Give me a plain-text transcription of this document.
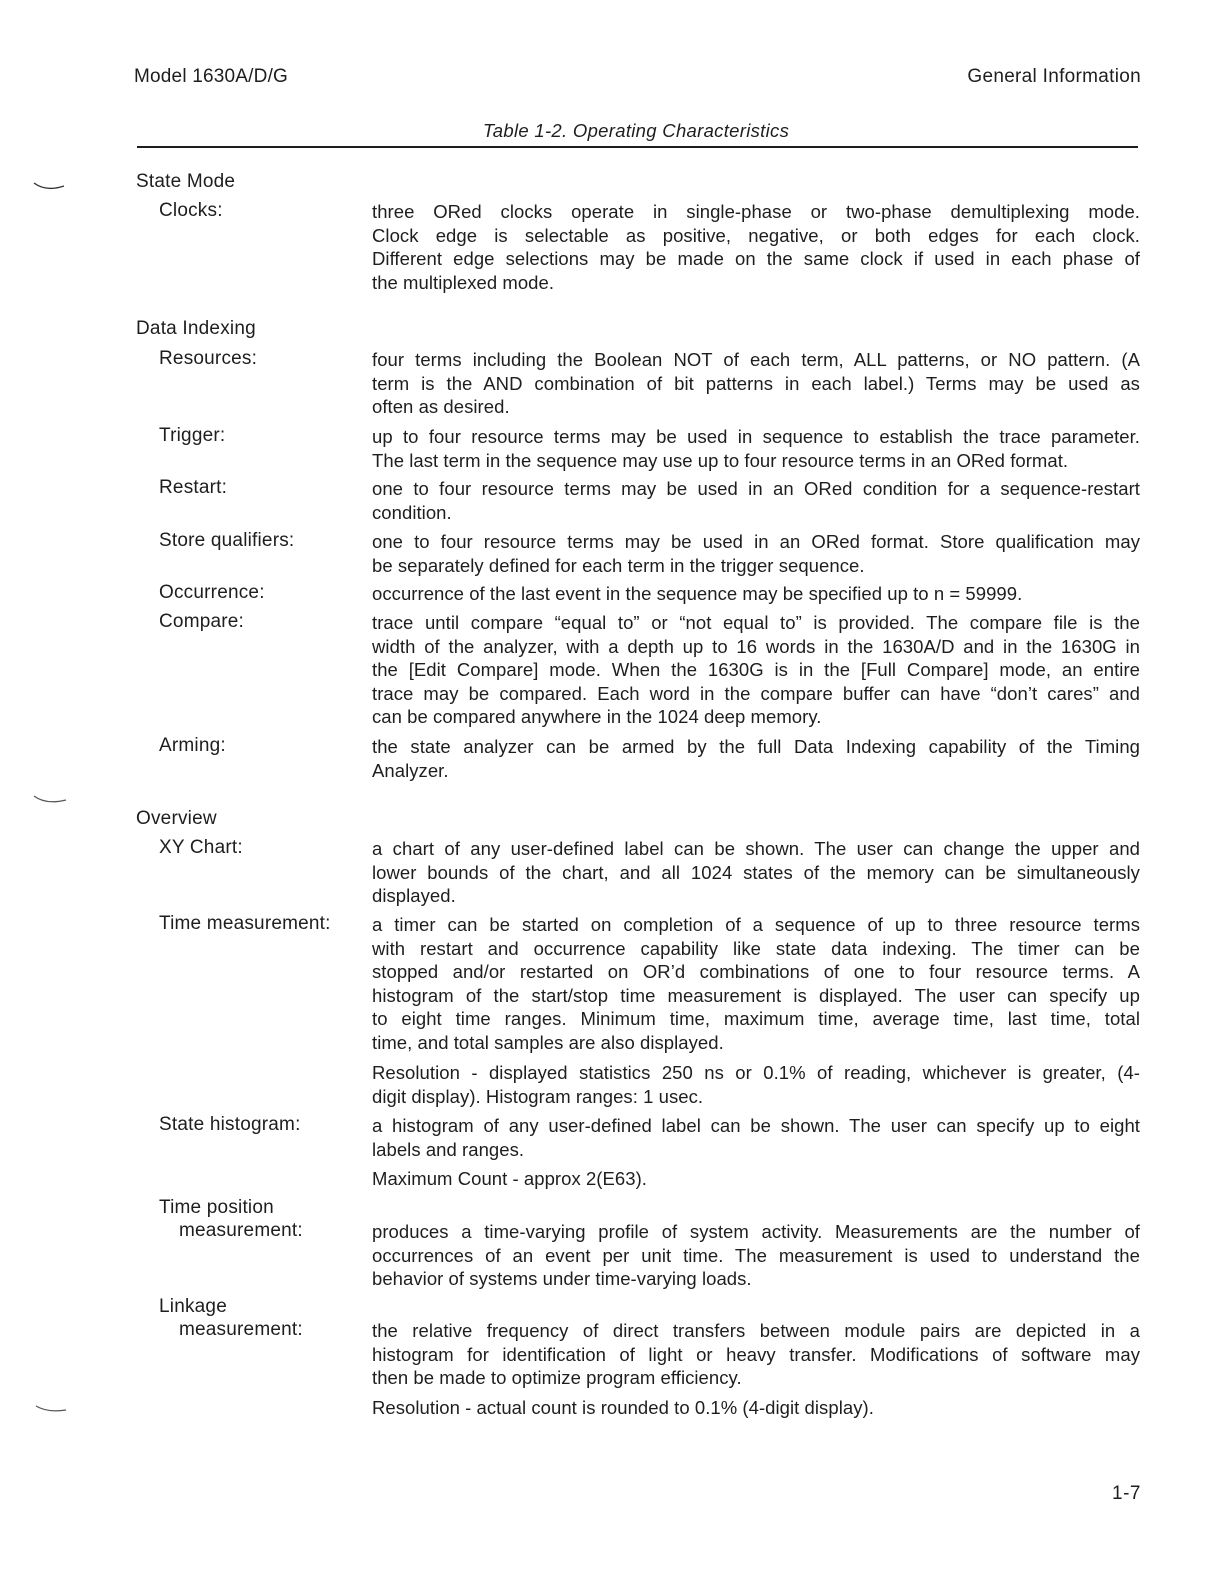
Model 1630A/D/G	General Information
Table 1-2. Operating Characteristics
State Mode
Clocks:	three ORed clocks operate in single-phase or two-phase demultiplexing mode.
Clock edge is selectable as positive, negative, or both edges for each clock.
Different edge selections may be made on the same clock if used in each phase of
the multiplexed mode.
Data Indexing
Resources:	four terms including the Boolean NOT of each term, ALL patterns, or NO pattern. (A
term is the AND combination of bit patterns in each label.) Terms may be used as
often as desired.
Trigger:	up to four resource terms may be used in sequence to establish the trace parameter.
The last term in the sequence may use up to four resource terms in an ORed format.
Restart:	one to four resource terms may be used in an ORed condition for a sequence-restart
condition.
Store qualifiers:	one to four resource terms may be used in an ORed format. Store qualification may
be separately defined for each term in the trigger sequence.
Occurrence:	occurrence of the last event in the sequence may be specified up to n = 59999.
Compare:	trace until compare “equal to” or “not equal to” is provided. The compare file is the
width of the analyzer, with a depth up to 16 words in the 1630A/D and in the 1630G in
the [Edit Compare] mode. When the 1630G is in the [Full Compare] mode, an entire
trace may be compared. Each word in the compare buffer can have “don’t cares” and
can be compared anywhere in the 1024 deep memory.
Arming:	the state analyzer can be armed by the full Data Indexing capability of the Timing
Analyzer.
Overview
XY Chart:	a chart of any user-defined label can be shown. The user can change the upper and
lower bounds of the chart, and all 1024 states of the memory can be simultaneously
displayed.
Time measurement: a timer can be started on completion of a sequence of up to three resource terms
with restart and occurrence capability like state data indexing. The timer can be
stopped and/or restarted on OR’d combinations of one to four resource terms. A
histogram of the start/stop time measurement is displayed. The user can specify up
to eight time ranges. Minimum time, maximum time, average time, last time, total
time, and total samples are also displayed.
Resolution - displayed statistics 250 ns or 0.1% of reading, whichever is greater, (4-
digit display). Histogram ranges: 1 usec.
State histogram:	a histogram of any user-defined label can be shown. The user can specify up to eight
labels and ranges.
Maximum Count - approx 2(E63).
Time position
measurement:	produces a time-varying profile of system activity. Measurements are the number of
occurrences of an event per unit time. The measurement is used to understand the
behavior of systems under time-varying loads.
Linkage
measurement:	the relative frequency of direct transfers between module pairs are depicted in a
histogram for identification of light or heavy transfer. Modifications of software may
then be made to optimize program efficiency.
Resolution - actual count is rounded to 0.1% (4-digit display).
1-7
